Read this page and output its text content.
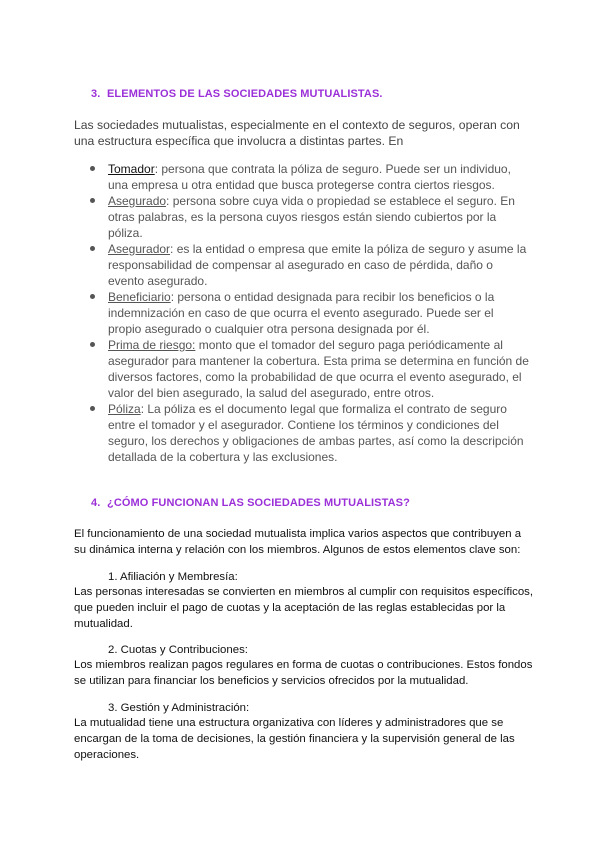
3. ELEMENTOS DE LAS SOCIEDADES MUTUALISTAS.
Las sociedades mutualistas, especialmente en el contexto de seguros, operan con una estructura específica que involucra a distintas partes. En
Tomador: persona que contrata la póliza de seguro. Puede ser un individuo, una empresa u otra entidad que busca protegerse contra ciertos riesgos.
Asegurado: persona sobre cuya vida o propiedad se establece el seguro. En otras palabras, es la persona cuyos riesgos están siendo cubiertos por la póliza.
Asegurador: es la entidad o empresa que emite la póliza de seguro y asume la responsabilidad de compensar al asegurado en caso de pérdida, daño o evento asegurado.
Beneficiario: persona o entidad designada para recibir los beneficios o la indemnización en caso de que ocurra el evento asegurado. Puede ser el propio asegurado o cualquier otra persona designada por él.
Prima de riesgo: monto que el tomador del seguro paga periódicamente al asegurador para mantener la cobertura. Esta prima se determina en función de diversos factores, como la probabilidad de que ocurra el evento asegurado, el valor del bien asegurado, la salud del asegurado, entre otros.
Póliza: La póliza es el documento legal que formaliza el contrato de seguro entre el tomador y el asegurador. Contiene los términos y condiciones del seguro, los derechos y obligaciones de ambas partes, así como la descripción detallada de la cobertura y las exclusiones.
4. ¿CÓMO FUNCIONAN LAS SOCIEDADES MUTUALISTAS?
El funcionamiento de una sociedad mutualista implica varios aspectos que contribuyen a su dinámica interna y relación con los miembros. Algunos de estos elementos clave son:
1. Afiliación y Membresía:
Las personas interesadas se convierten en miembros al cumplir con requisitos específicos, que pueden incluir el pago de cuotas y la aceptación de las reglas establecidas por la mutualidad.
2. Cuotas y Contribuciones:
Los miembros realizan pagos regulares en forma de cuotas o contribuciones. Estos fondos se utilizan para financiar los beneficios y servicios ofrecidos por la mutualidad.
3. Gestión y Administración:
La mutualidad tiene una estructura organizativa con líderes y administradores que se encargan de la toma de decisiones, la gestión financiera y la supervisión general de las operaciones.
